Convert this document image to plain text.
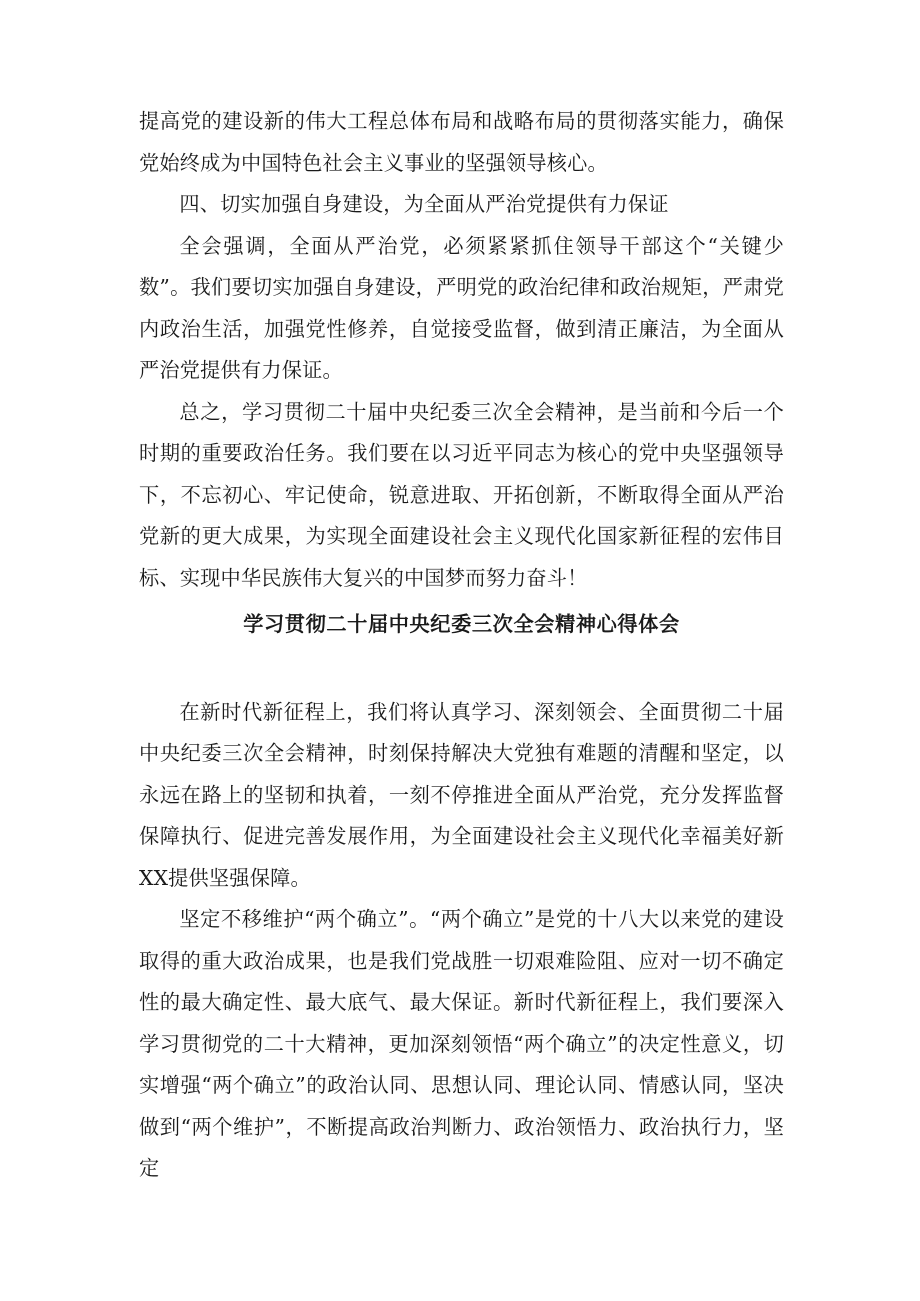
提高党的建设新的伟大工程总体布局和战略布局的贯彻落实能力，确保党始终成为中国特色社会主义事业的坚强领导核心。

四、切实加强自身建设，为全面从严治党提供有力保证

全会强调，全面从严治党，必须紧紧抓住领导干部这个“关键少数”。我们要切实加强自身建设，严明党的政治纪律和政治规矩，严肃党内政治生活，加强党性修养，自觉接受监督，做到清正廉洁，为全面从严治党提供有力保证。

总之，学习贯彻二十届中央纪委三次全会精神，是当前和今后一个时期的重要政治任务。我们要在以习近平同志为核心的党中央坚强领导下，不忘初心、牢记使命，锐意进取、开拓创新，不断取得全面从严治党新的更大成果，为实现全面建设社会主义现代化国家新征程的宏伟目标、实现中华民族伟大复兴的中国梦而努力奋斗！

学习贯彻二十届中央纪委三次全会精神心得体会

在新时代新征程上，我们将认真学习、深刻领会、全面贯彻二十届中央纪委三次全会精神，时刻保持解决大党独有难题的清醒和坚定，以永远在路上的坚韧和执着，一刻不停推进全面从严治党，充分发挥监督保障执行、促进完善发展作用，为全面建设社会主义现代化幸福美好新XX提供坚强保障。

坚定不移维护“两个确立”。“两个确立”是党的十八大以来党的建设取得的重大政治成果，也是我们党战胜一切艰难险阻、应对一切不确定性的最大确定性、最大底气、最大保证。新时代新征程上，我们要深入学习贯彻党的二十大精神，更加深刻领悟“两个确立”的决定性意义，切实增强“两个确立”的政治认同、思想认同、理论认同、情感认同，坚决做到“两个维护”，不断提高政治判断力、政治领悟力、政治执行力，坚定
